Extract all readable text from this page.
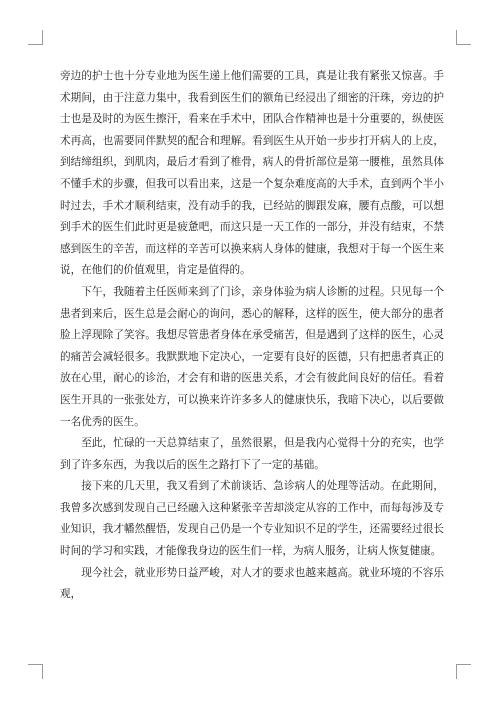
旁边的护士也十分专业地为医生递上他们需要的工具，真是让我有紧张又惊喜。手术期间，由于注意力集中，我看到医生们的额角已经浸出了细密的汗珠，旁边的护士也是及时的为医生擦汗，看来在手术中，团队合作精神也是十分重要的，纵使医术再高，也需要同伴默契的配合和理解。看到医生从开始一步步打开病人的上皮，到结缔组织，到肌肉，最后才看到了椎骨，病人的骨折部位是第一腰椎，虽然具体不懂手术的步骤，但我可以看出来，这是一个复杂难度高的大手术，直到两个半小时过去，手术才顺利结束，没有动手的我，已经站的脚跟发麻，腰有点酸，可以想到手术的医生们此时更是疲惫吧，而这只是一天工作的一部分，并没有结束，不禁感到医生的辛苦，而这样的辛苦可以换来病人身体的健康，我想对于每一个医生来说，在他们的价值观里，肯定是值得的。

下午，我随着主任医师来到了门诊，亲身体验为病人诊断的过程。只见每一个患者到来后，医生总是会耐心的询问，悉心的解释，这样的医生，使大部分的患者脸上浮现除了笑容。我想尽管患者身体在承受痛苦，但是遇到了这样的医生，心灵的痛苦会减轻很多。我默默地下定决心，一定要有良好的医德，只有把患者真正的放在心里，耐心的诊治，才会有和谐的医患关系，才会有彼此间良好的信任。看着医生开具的一张张处方，可以换来许许多多人的健康快乐，我暗下决心，以后要做一名优秀的医生。

至此，忙碌的一天总算结束了，虽然很累，但是我内心觉得十分的充实，也学到了许多东西，为我以后的医生之路打下了一定的基础。

接下来的几天里，我又看到了术前谈话、急诊病人的处理等活动。在此期间，我曾多次感到发现自己已经融入这种紧张辛苦却淡定从容的工作中，而每每涉及专业知识，我才幡然醒悟，发现自己仍是一个专业知识不足的学生，还需要经过很长时间的学习和实践，才能像我身边的医生们一样，为病人服务，让病人恢复健康。

现今社会，就业形势日益严峻，对人才的要求也越来越高。就业环境的不容乐观，
